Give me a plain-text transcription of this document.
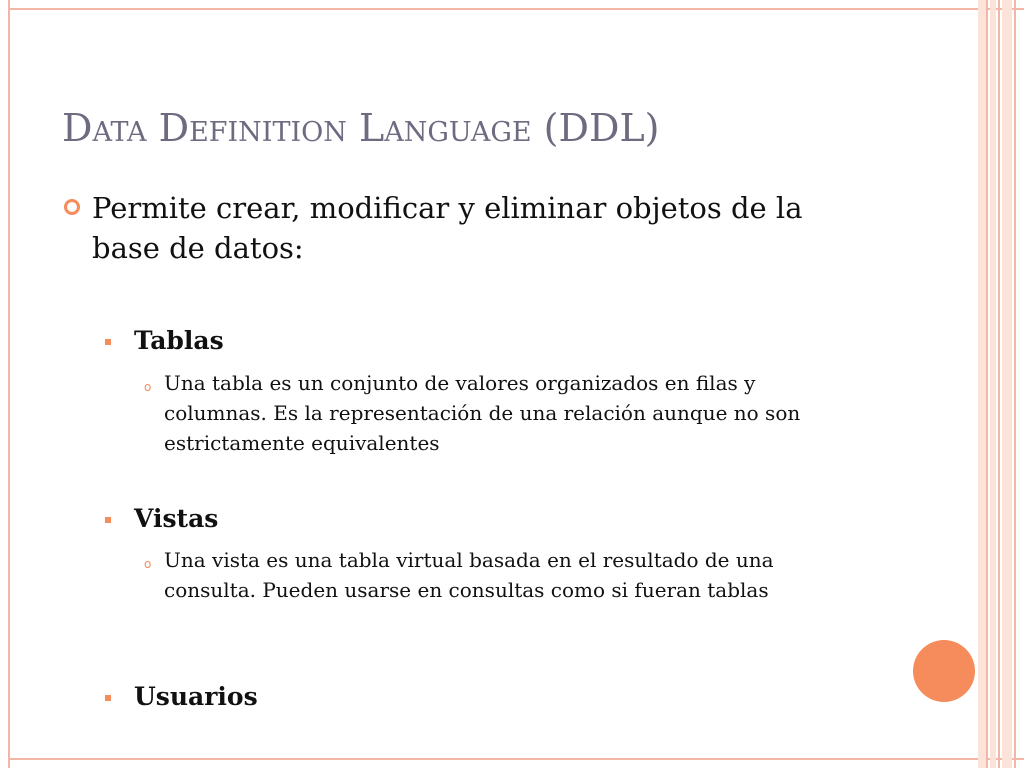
Data Definition Language (DDL)
Permite crear, modificar y eliminar objetos de la base de datos:
Tablas
o Una tabla es un conjunto de valores organizados en filas y columnas. Es la representación de una relación aunque no son estrictamente equivalentes
Vistas
o Una vista es una tabla virtual basada en el resultado de una consulta. Pueden usarse en consultas como si fueran tablas
Usuarios
